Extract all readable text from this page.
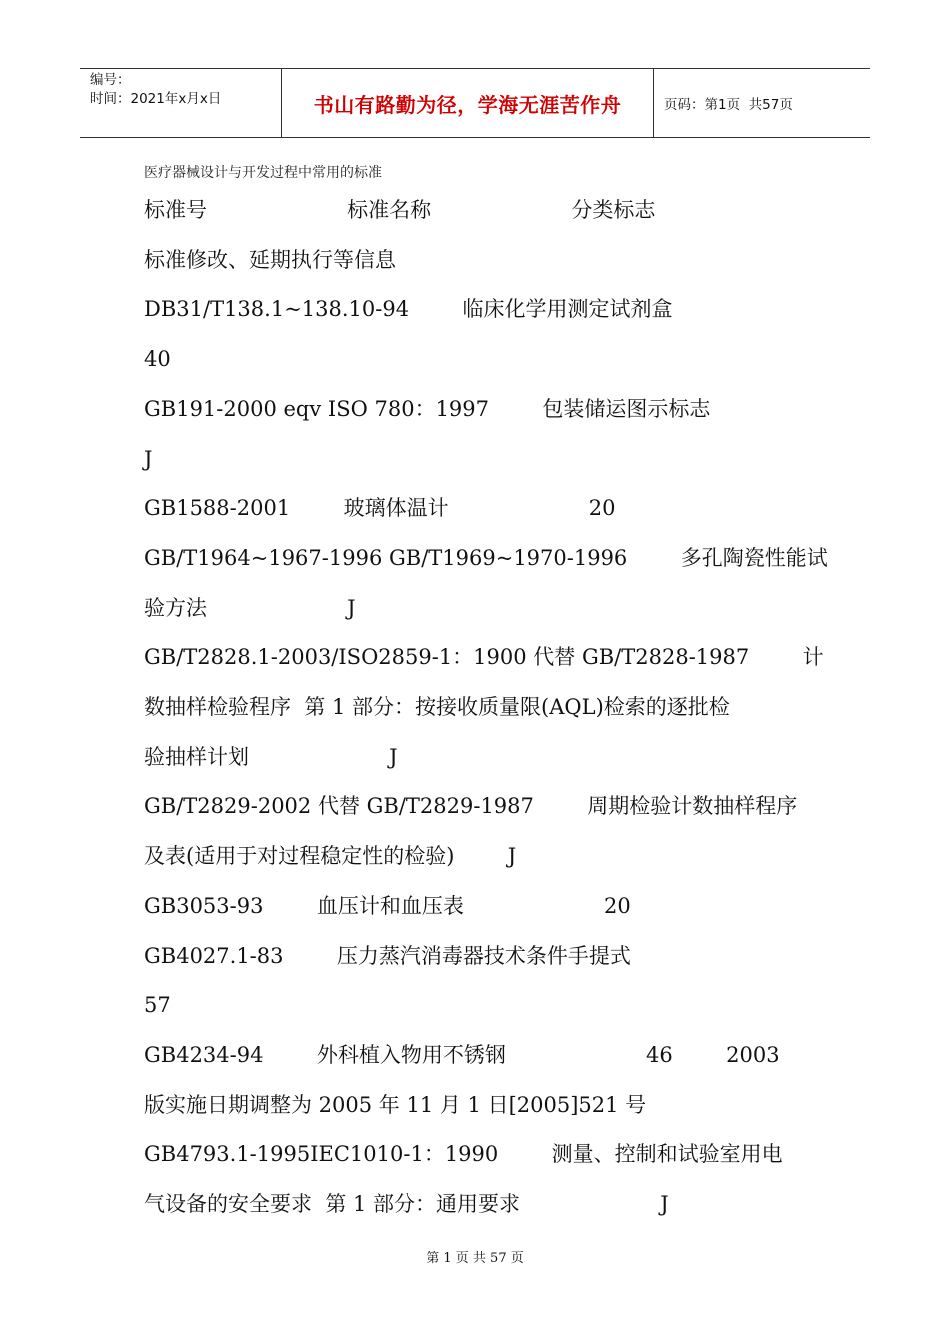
编号：
时间：2021年x月x日	书山有路勤为径，学海无涯苦作舟	页码：第1页  共57页
医疗器械设计与开发过程中常用的标准
标准号                     标准名称                     分类标志
标准修改、延期执行等信息
DB31/T138.1~138.10-94        临床化学用测定试剂盒
40
GB191-2000 eqv ISO 780：1997        包装储运图示标志
J
GB1588-2001        玻璃体温计                     20
GB/T1964~1967-1996 GB/T1969~1970-1996        多孔陶瓷性能试
验方法                     J
GB/T2828.1-2003/ISO2859-1：1900 代替 GB/T2828-1987        计
数抽样检验程序  第 1 部分：按接收质量限(AQL)检索的逐批检
验抽样计划                     J
GB/T2829-2002 代替 GB/T2829-1987        周期检验计数抽样程序
及表(适用于对过程稳定性的检验)        J
GB3053-93        血压计和血压表                     20
GB4027.1-83        压力蒸汽消毒器技术条件手提式
57
GB4234-94        外科植入物用不锈钢                     46        2003
版实施日期调整为 2005 年 11 月 1 日[2005]521 号
GB4793.1-1995IEC1010-1：1990        测量、控制和试验室用电
气设备的安全要求  第 1 部分：通用要求                     J
第 1 页 共 57 页
